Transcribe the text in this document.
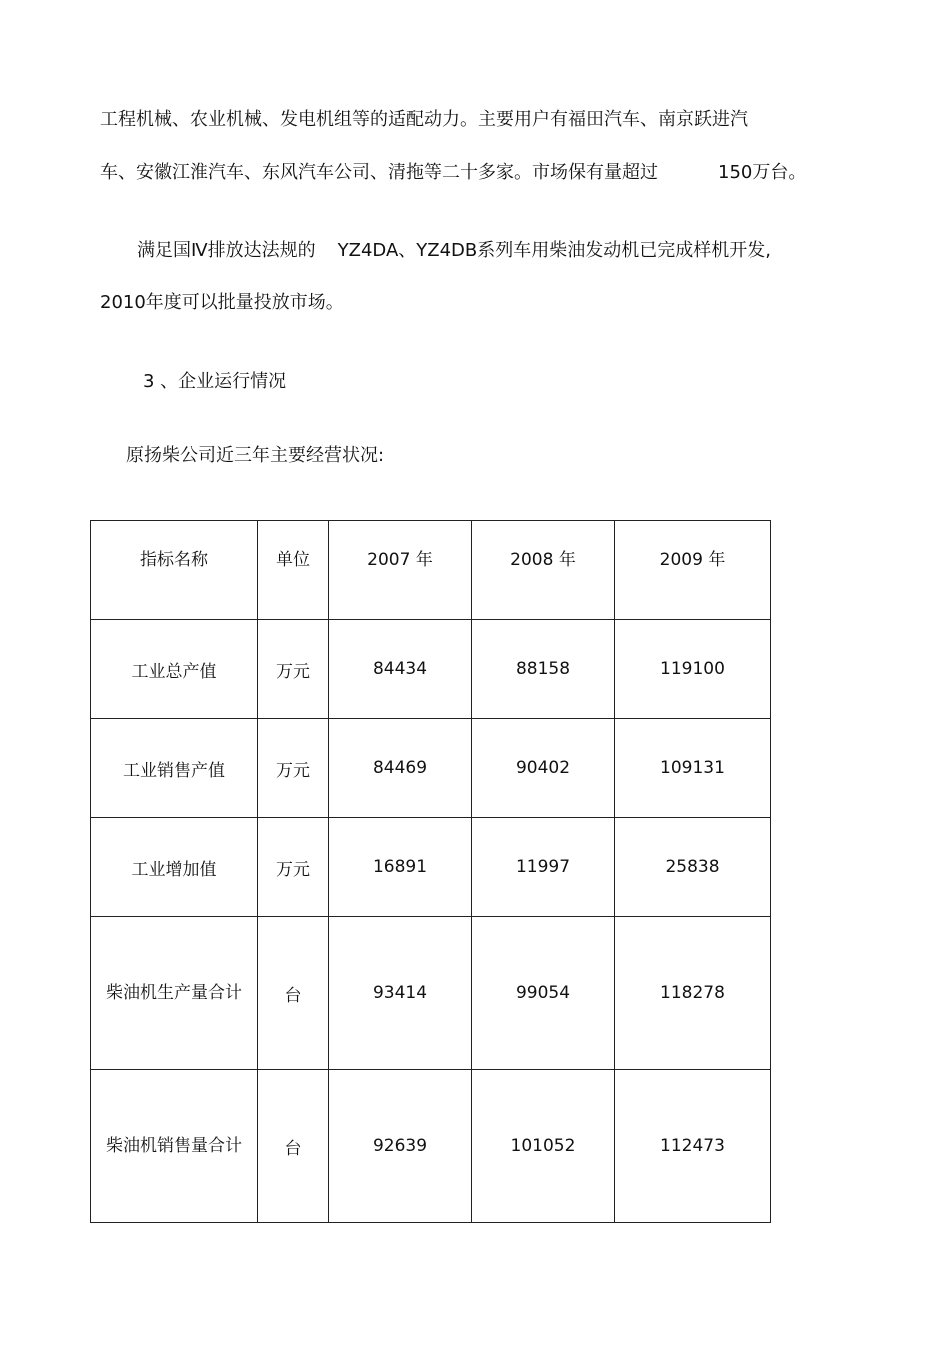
工程机械、农业机械、发电机组等的适配动力。主要用户有福田汽车、南京跃进汽
车、安徽江淮汽车、东风汽车公司、清拖等二十多家。市场保有量超过	150万台。
满足国Ⅳ排放达法规的 YZ4DA、YZ4DB系列车用柴油发动机已完成样机开发,
2010年度可以批量投放市场。
3 、企业运行情况
原扬柴公司近三年主要经营状况:
指标名称	单位	2007 年	2008 年	2009 年
工业总产值	万元	84434	88158	119100
工业销售产值	万元	84469	90402	109131
工业增加值	万元	16891	11997	25838
柴油机生产量合计	台	93414	99054	118278
柴油机销售量合计	台	92639	101052	112473
